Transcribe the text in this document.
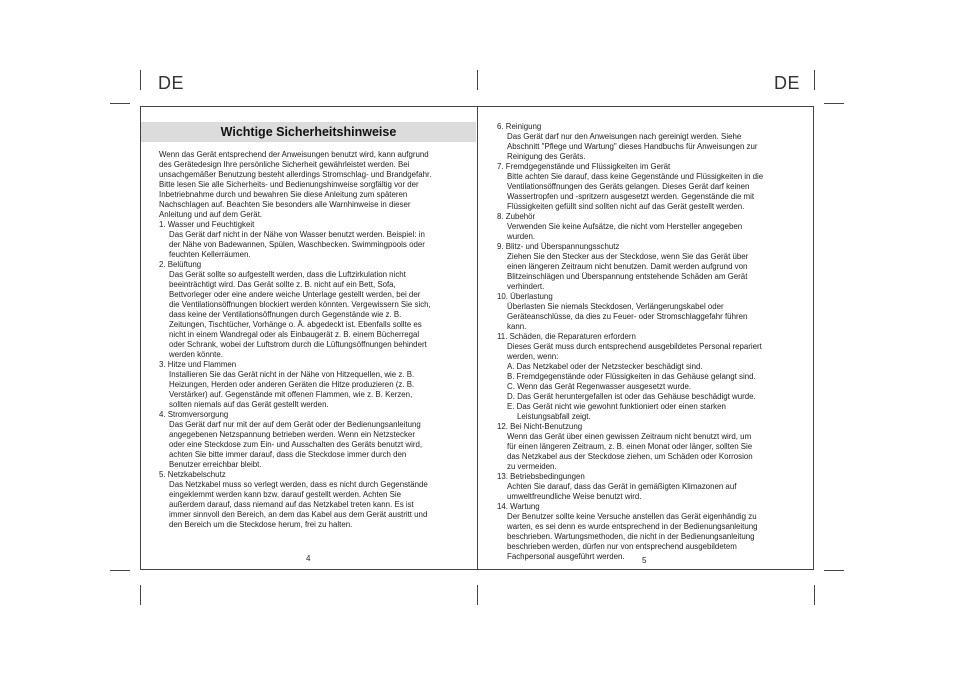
DE	DE
Wichtige Sicherheitshinweise

Wenn das Gerät entsprechend der Anweisungen benutzt wird, kann aufgrund

des Gerätedesign Ihre persönliche Sicherheit gewährleistet werden. Bei

unsachgemäßer Benutzung besteht allerdings Stromschlag- und Brandgefahr.

Bitte lesen Sie alle Sicherheits- und Bedienungshinweise sorgfältig vor der

Inbetriebnahme durch und bewahren Sie diese Anleitung zum späteren

Nachschlagen auf. Beachten Sie besonders alle Warnhinweise in dieser

Anleitung und auf dem Gerät.

1. Wasser und Feuchtigkeit

Das Gerät darf nicht in der Nähe von Wasser benutzt werden. Beispiel: in

der Nähe von Badewannen, Spülen, Waschbecken. Swimmingpools oder

feuchten Kellerräumen.

2. Belüftung

Das Gerät sollte so aufgestellt werden, dass die Luftzirkulation nicht

beeinträchtigt wird. Das Gerät sollte z. B. nicht auf ein Bett, Sofa,

Bettvorleger oder eine andere weiche Unterlage gestellt werden, bei der

die Ventilationsöffnungen blockiert werden könnten. Vergewissern Sie sich,

dass keine der Ventilationsöffnungen durch Gegenstände wie z. B.

Zeitungen, Tischtücher, Vorhänge o. Ä. abgedeckt ist. Ebenfalls sollte es

nicht in einem Wandregal oder als Einbaugerät z. B. einem Bücherregal

oder Schrank, wobei der Luftstrom durch die Lüftungsöffnungen behindert

werden könnte.

3. Hitze und Flammen

Installieren Sie das Gerät nicht in der Nähe von Hitzequellen, wie z. B.

Heizungen, Herden oder anderen Geräten die Hitze produzieren (z. B.

Verstärker) auf. Gegenstände mit offenen Flammen, wie z. B. Kerzen,

sollten niemals auf das Gerät gestellt werden.

4. Stromversorgung

Das Gerät darf nur mit der auf dem Gerät oder der Bedienungsanleitung

angegebenen Netzspannung betrieben werden. Wenn ein Netzstecker

oder eine Steckdose zum Ein- und Ausschalten des Geräts benutzt wird,

achten Sie bitte immer darauf, dass die Steckdose immer durch den

Benutzer erreichbar bleibt.

5. Netzkabelschutz

Das Netzkabel muss so verlegt werden, dass es nicht durch Gegenstände

eingeklemmt werden kann bzw. darauf gestellt werden. Achten Sie

außerdem darauf, dass niemand auf das Netzkabel treten kann. Es ist

immer sinnvoll den Bereich, an dem das Kabel aus dem Gerät austritt und

den Bereich um die Steckdose herum, frei zu halten.

4

6. Reinigung

Das Gerät darf nur den Anweisungen nach gereinigt werden. Siehe

Abschnitt "Pflege und Wartung" dieses Handbuchs für Anweisungen zur

Reinigung des Geräts.

7. Fremdgegenstände und Flüssigkeiten im Gerät

Bitte achten Sie darauf, dass keine Gegenstände und Flüssigkeiten in die

Ventilationsöffnungen des Geräts gelangen. Dieses Gerät darf keinen

Wassertropfen und -spritzern ausgesetzt werden. Gegenstände die mit

Flüssigkeiten gefüllt sind sollten nicht auf das Gerät gestellt werden.

8. Zubehör

Verwenden Sie keine Aufsätze, die nicht vom Hersteller angegeben

wurden.

9. Blitz- und Überspannungsschutz

Ziehen Sie den Stecker aus der Steckdose, wenn Sie das Gerät über

einen längeren Zeitraum nicht benutzen. Damit werden aufgrund von

Blitzeinschlägen und Überspannung entstehende Schäden am Gerät

verhindert.

10. Überlastung

Überlasten Sie niemals Steckdosen, Verlängerungskabel oder

Geräteanschlüsse, da dies zu Feuer- oder Stromschlaggefahr führen

kann.

11. Schäden, die Reparaturen erfordern

Dieses Gerät muss durch entsprechend ausgebildetes Personal repariert

werden, wenn:

A. Das Netzkabel oder der Netzstecker beschädigt sind.

B. Fremdgegenstände oder Flüssigkeiten in das Gehäuse gelangt sind.

C. Wenn das Gerät Regenwasser ausgesetzt wurde.

D. Das Gerät heruntergefallen ist oder das Gehäuse beschädigt wurde.

E. Das Gerät nicht wie gewohnt funktioniert oder einen starken

Leistungsabfall zeigt.

12. Bei Nicht-Benutzung

Wenn das Gerät über einen gewissen Zeitraum nicht benutzt wird, um

für einen längeren Zeitraum, z. B. einen Monat oder länger, sollten Sie

das Netzkabel aus der Steckdose ziehen, um Schäden oder Korrosion

zu vermeiden.

13. Betriebsbedingungen

Achten Sie darauf, dass das Gerät in gemäßigten Klimazonen auf

umweltfreundliche Weise benutzt wird.

14. Wartung

Der Benutzer sollte keine Versuche anstellen das Gerät eigenhändig zu

warten, es sei denn es wurde entsprechend in der Bedienungsanleitung

beschrieben. Wartungsmethoden, die nicht in der Bedienungsanleitung

beschrieben werden, dürfen nur von entsprechend ausgebildetem

Fachpersonal ausgeführt werden.	5
